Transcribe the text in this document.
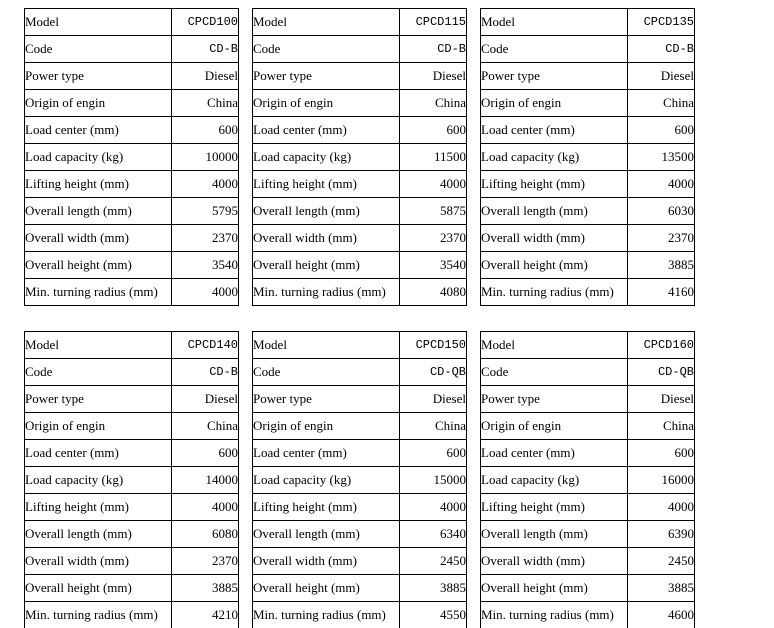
Model	CPCD100
Code	CD-B
Power type	Diesel
Origin of engin	China
Load center (mm)	600
Load capacity (kg)	10000
Lifting height (mm)	4000
Overall length (mm)	5795
Overall width (mm)	2370
Overall height (mm)	3540
Min. turning radius (mm)	4000
Model	CPCD115
Code	CD-B
Power type	Diesel
Origin of engin	China
Load center (mm)	600
Load capacity (kg)	11500
Lifting height (mm)	4000
Overall length (mm)	5875
Overall width (mm)	2370
Overall height (mm)	3540
Min. turning radius (mm)	4080
Model	CPCD135
Code	CD-B
Power type	Diesel
Origin of engin	China
Load center (mm)	600
Load capacity (kg)	13500
Lifting height (mm)	4000
Overall length (mm)	6030
Overall width (mm)	2370
Overall height (mm)	3885
Min. turning radius (mm)	4160
Model	CPCD140
Code	CD-B
Power type	Diesel
Origin of engin	China
Load center (mm)	600
Load capacity (kg)	14000
Lifting height (mm)	4000
Overall length (mm)	6080
Overall width (mm)	2370
Overall height (mm)	3885
Min. turning radius (mm)	4210
Model	CPCD150
Code	CD-QB
Power type	Diesel
Origin of engin	China
Load center (mm)	600
Load capacity (kg)	15000
Lifting height (mm)	4000
Overall length (mm)	6340
Overall width (mm)	2450
Overall height (mm)	3885
Min. turning radius (mm)	4550
Model	CPCD160
Code	CD-QB
Power type	Diesel
Origin of engin	China
Load center (mm)	600
Load capacity (kg)	16000
Lifting height (mm)	4000
Overall length (mm)	6390
Overall width (mm)	2450
Overall height (mm)	3885
Min. turning radius (mm)	4600
